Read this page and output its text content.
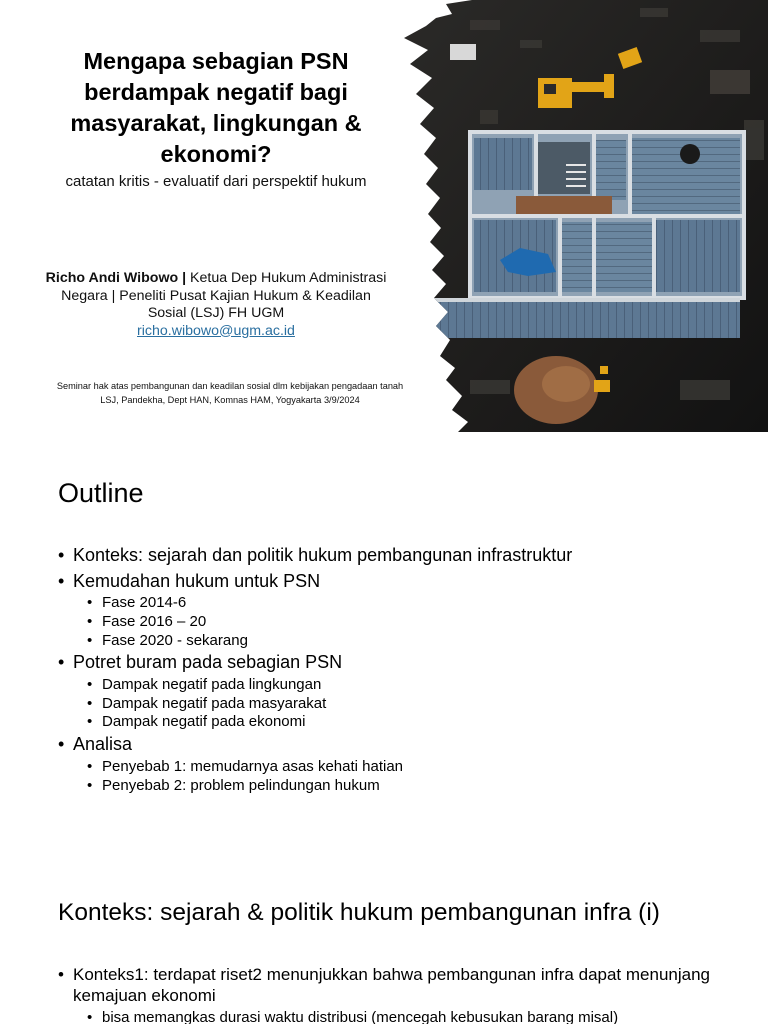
Mengapa sebagian PSN berdampak negatif bagi masyarakat, lingkungan & ekonomi?

catatan kritis - evaluatif dari perspektif hukum

Richo Andi Wibowo | Ketua Dep Hukum Administrasi Negara | Peneliti Pusat Kajian Hukum & Keadilan Sosial (LSJ) FH UGM
richo.wibowo@ugm.ac.id

Seminar hak atas pembangunan dan keadilan sosial dlm kebijakan pengadaan tanah
LSJ, Pandekha, Dept HAN, Komnas HAM, Yogyakarta 3/9/2024

Outline
• Konteks: sejarah dan politik hukum pembangunan infrastruktur
• Kemudahan hukum untuk PSN
• Fase 2014-6
• Fase 2016 – 20
• Fase 2020 - sekarang
• Potret buram pada sebagian PSN
• Dampak negatif pada lingkungan
• Dampak negatif pada masyarakat
• Dampak negatif pada ekonomi
• Analisa
• Penyebab 1: memudarnya asas kehati hatian
• Penyebab 2: problem pelindungan hukum
Konteks: sejarah & politik hukum pembangunan infra (i)
• Konteks1: terdapat riset2 menunjukkan bahwa pembangunan infra dapat menunjang kemajuan ekonomi
• bisa memangkas durasi waktu distribusi (mencegah kebusukan barang misal)
